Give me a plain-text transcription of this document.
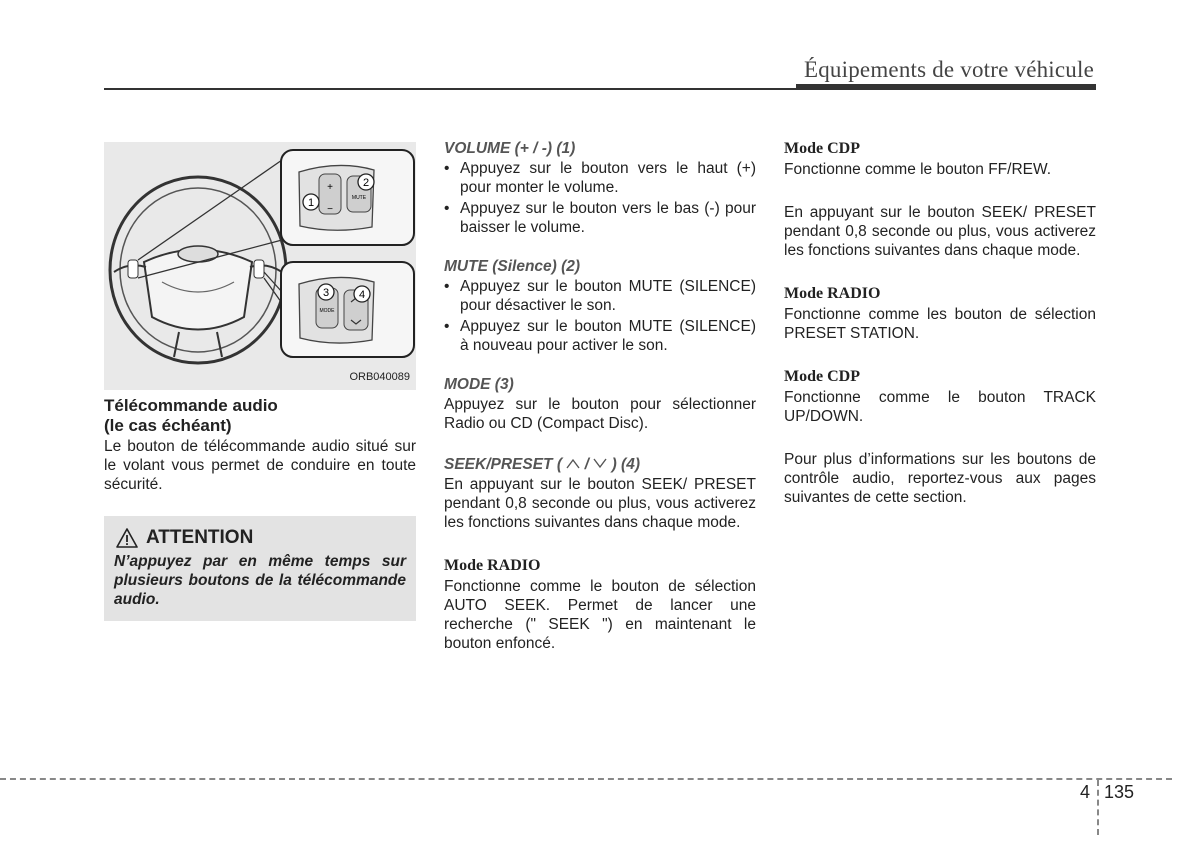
Équipements de votre véhicule
+
−
MUTE
1
2
MODE
3	4
ORB040089
Télécommande audio
(le cas échéant)

Le bouton de télécommande audio situé sur le volant vous permet de conduire en toute sécurité.

ATTENTION
N’appuyez par en même temps sur plusieurs boutons de la télécommande audio.

VOLUME (+ / -) (1)

• Appuyez sur le bouton vers le haut (+) pour monter le volume.
• Appuyez sur le bouton vers le bas (-) pour baisser le volume.

MUTE (Silence) (2)

• Appuyez sur le bouton MUTE (SILENCE) pour désactiver le son.
• Appuyez sur le bouton MUTE (SILENCE) à nouveau pour activer le son.

MODE (3)

Appuyez sur le bouton pour sélectionner Radio ou CD (Compact Disc).

SEEK/PRESET ( / ) (4)

En appuyant sur le bouton SEEK/ PRESET pendant 0,8 seconde ou plus, vous activerez les fonctions suivantes dans chaque mode.

Mode RADIO

Fonctionne comme le bouton de sélection AUTO SEEK. Permet de lancer une recherche (" SEEK ") en maintenant le bouton enfoncé.

Mode CDP

Fonctionne comme le bouton FF/REW.

En appuyant sur le bouton SEEK/ PRESET pendant 0,8 seconde ou plus, vous activerez les fonctions suivantes dans chaque mode.

Mode RADIO

Fonctionne comme les bouton de sélection PRESET STATION.

Mode CDP

Fonctionne comme le bouton TRACK UP/DOWN.

Pour plus d’informations sur les boutons de contrôle audio, reportez-vous aux pages suivantes de cette section.

4 135
